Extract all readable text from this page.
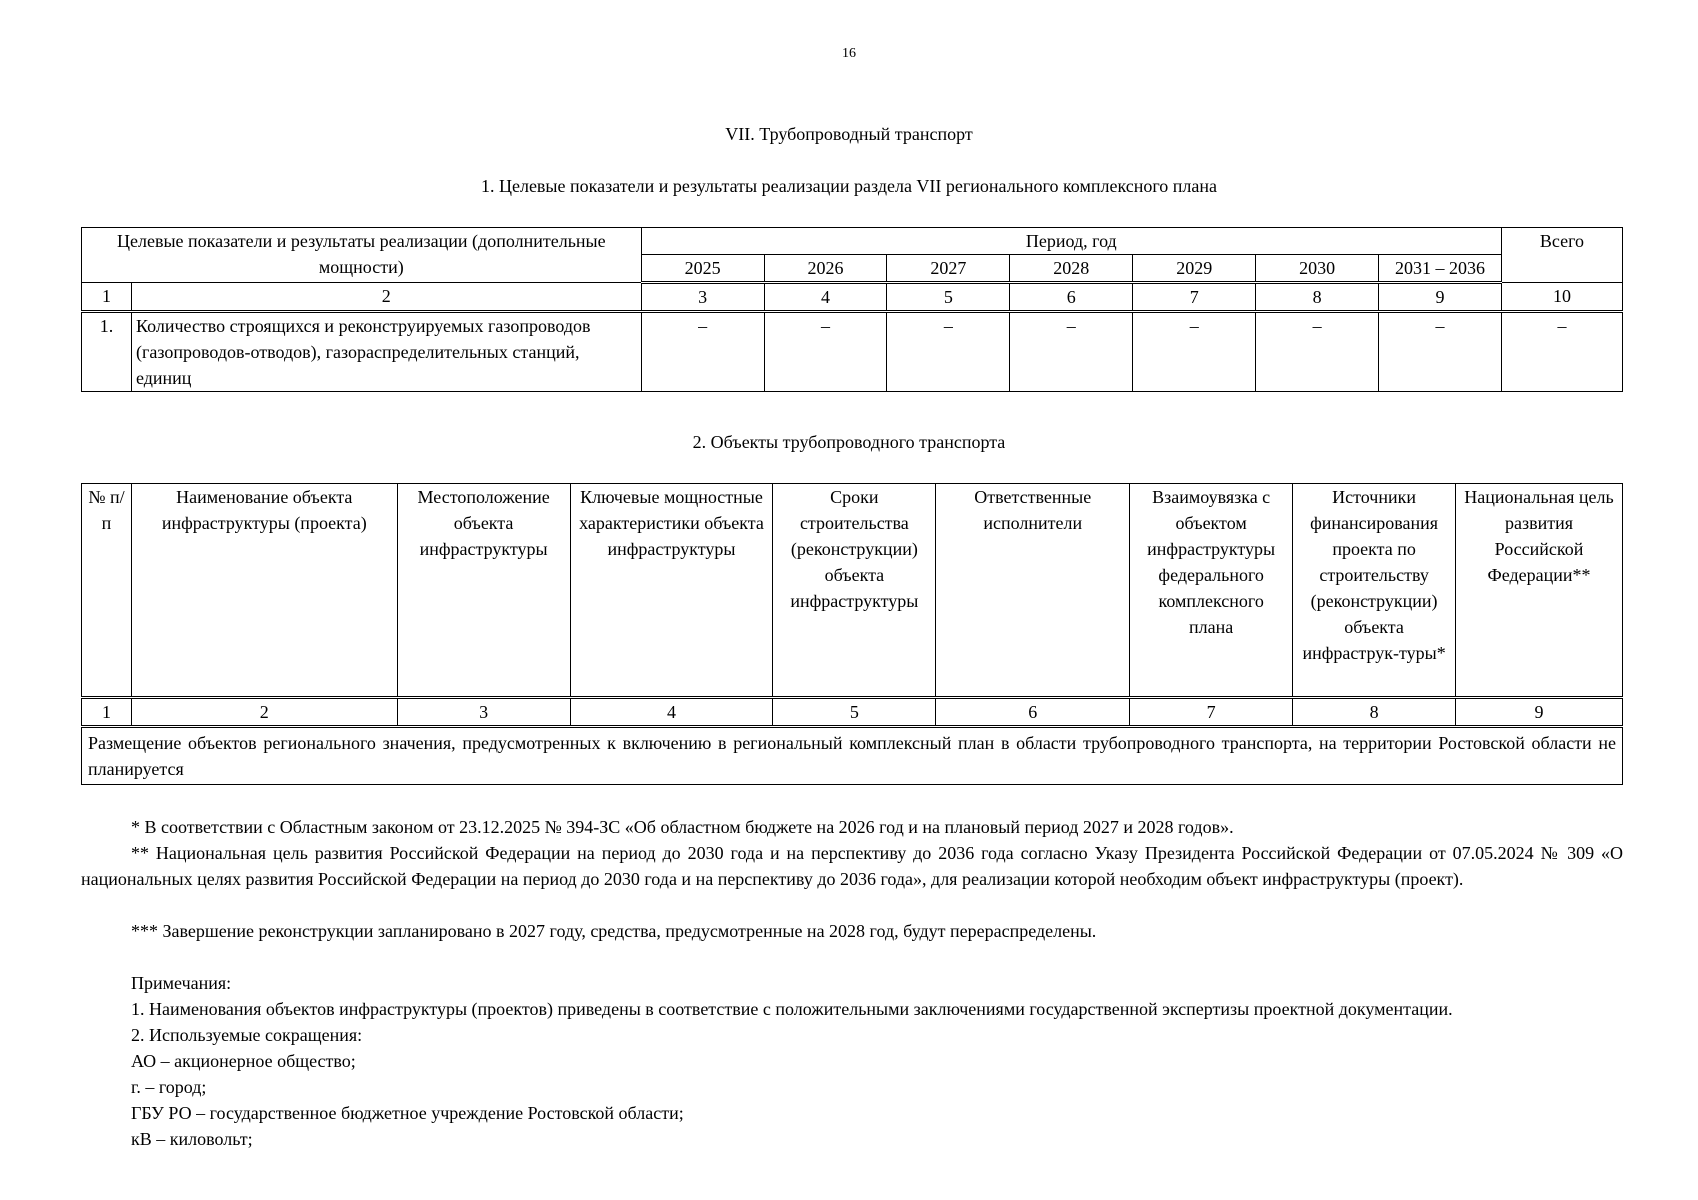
16
VII. Трубопроводный транспорт
1. Целевые показатели и результаты реализации раздела VII регионального комплексного плана
Целевые показатели и результаты реализации (дополнительные мощности)		Период, год							Всего
		2025	2026	2027	2028	2029	2030	2031 – 2036	
1	2	3	4	5	6	7	8	9	10
1.	Количество строящихся и реконструируемых газопроводов (газопроводов-отводов), газораспределительных станций, единиц	–	–	–	–	–	–	–	–
2. Объекты трубопроводного транспорта
№ п/п	Наименование объекта инфраструктуры (проекта)	Местоположение объекта инфраструктуры	Ключевые мощностные характеристики объекта инфраструктуры	Сроки строительства (реконструкции) объекта инфраструктуры	Ответственные исполнители	Взаимоувязка с объектом инфраструктуры федерального комплексного плана	Источники финансирования проекта по строительству (реконструкции) объекта инфраструк-туры*	Национальная цель развития Российской Федерации**
1	2	3	4	5	6	7	8	9
Размещение объектов регионального значения, предусмотренных к включению в региональный комплексный план в области трубопроводного транспорта, на территории Ростовской области не планируется								
* В соответствии с Областным законом от 23.12.2025 № 394-ЗС «Об областном бюджете на 2026 год и на плановый период 2027 и 2028 годов».
** Национальная цель развития Российской Федерации на период до 2030 года и на перспективу до 2036 года согласно Указу Президента Российской Федерации от 07.05.2024 № 309 «О национальных целях развития Российской Федерации на период до 2030 года и на перспективу до 2036 года», для реализации которой необходим объект инфраструктуры (проект).
*** Завершение реконструкции запланировано в 2027 году, средства, предусмотренные на 2028 год, будут перераспределены.
Примечания:
1. Наименования объектов инфраструктуры (проектов) приведены в соответствие с положительными заключениями государственной экспертизы проектной документации.
2. Используемые сокращения:
АО – акционерное общество;
г. – город;
ГБУ РО – государственное бюджетное учреждение Ростовской области;
кВ – киловольт;
